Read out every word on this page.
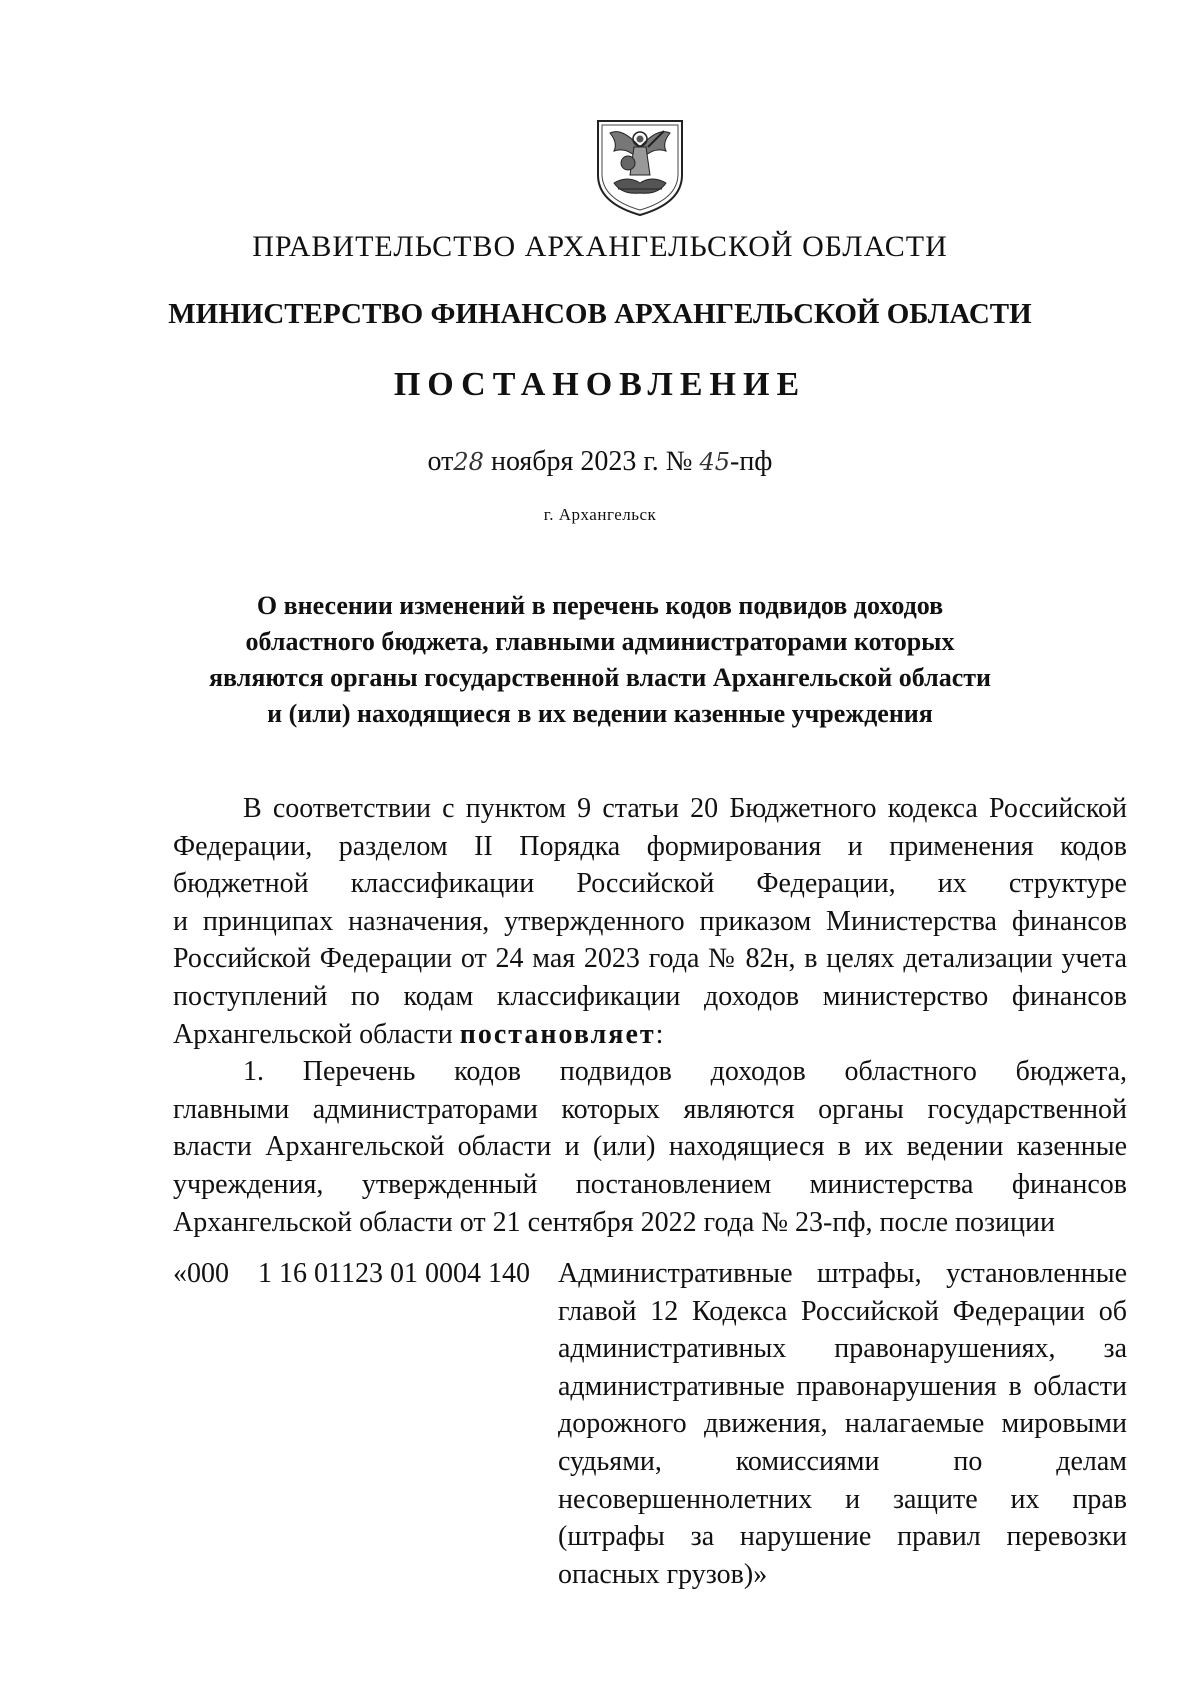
ПРАВИТЕЛЬСТВО АРХАНГЕЛЬСКОЙ ОБЛАСТИ
МИНИСТЕРСТВО ФИНАНСОВ АРХАНГЕЛЬСКОЙ ОБЛАСТИ
ПОСТАНОВЛЕНИЕ
от28 ноября 2023 г. № 45-пф
г. Архангельск
О внесении изменений в перечень кодов подвидов доходов
областного бюджета, главными администраторами которых
являются органы государственной власти Архангельской области
и (или) находящиеся в их ведении казенные учреждения
В соответствии с пунктом 9 статьи 20 Бюджетного кодекса Российской
Федерации, разделом II Порядка формирования и применения кодов
бюджетной классификации Российской Федерации, их структуре
и принципах назначения, утвержденного приказом Министерства финансов
Российской Федерации от 24 мая 2023 года № 82н, в целях детализации учета
поступлений по кодам классификации доходов министерство финансов
Архангельской области постановляет:
1. Перечень кодов подвидов доходов областного бюджета,
главными администраторами которых являются органы государственной
власти Архангельской области и (или) находящиеся в их ведении казенные
учреждения, утвержденный постановлением министерства финансов
Архангельской области от 21 сентября 2022 года № 23-пф, после позиции
«000 1 16 01123 01 0004 140 Административные штрафы, установленные
главой 12 Кодекса Российской Федерации об
административных правонарушениях, за
административные правонарушения в области
дорожного движения, налагаемые мировыми
судьями, комиссиями по делам
несовершеннолетних и защите их прав
(штрафы за нарушение правил перевозки
опасных грузов)»
